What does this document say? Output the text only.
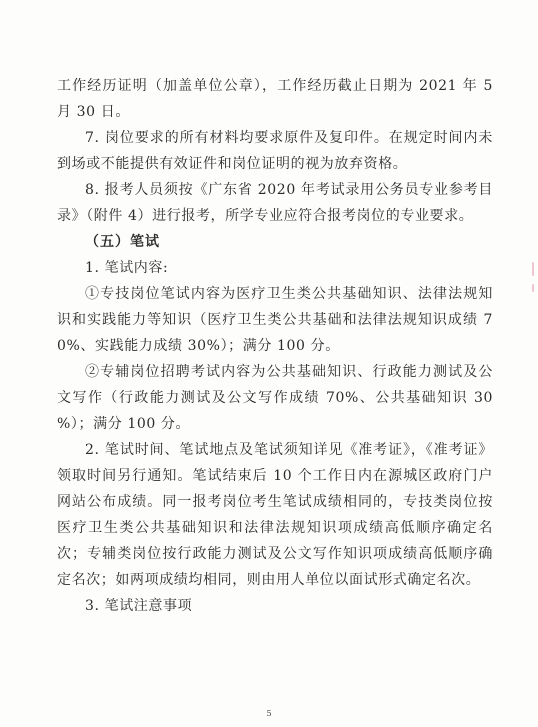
工作经历证明（加盖单位公章），工作经历截止日期为 2021 年 5 月 30 日。

7. 岗位要求的所有材料均要求原件及复印件。在规定时间内未到场或不能提供有效证件和岗位证明的视为放弃资格。

8. 报考人员须按《广东省 2020 年考试录用公务员专业参考目录》（附件 4）进行报考，所学专业应符合报考岗位的专业要求。

（五）笔试

1. 笔试内容:

①专技岗位笔试内容为医疗卫生类公共基础知识、法律法规知识和实践能力等知识（医疗卫生类公共基础和法律法规知识成绩 70%、实践能力成绩 30%）；满分 100 分。

②专辅岗位招聘考试内容为公共基础知识、行政能力测试及公文写作（行政能力测试及公文写作成绩 70%、公共基础知识 30 %）；满分 100 分。

2. 笔试时间、笔试地点及笔试须知详见《准考证》，《准考证》领取时间另行通知。笔试结束后 10 个工作日内在源城区政府门户网站公布成绩。同一报考岗位考生笔试成绩相同的，专技类岗位按医疗卫生类公共基础知识和法律法规知识项成绩高低顺序确定名次；专辅类岗位按行政能力测试及公文写作知识项成绩高低顺序确定名次；如两项成绩均相同，则由用人单位以面试形式确定名次。

3. 笔试注意事项

5
